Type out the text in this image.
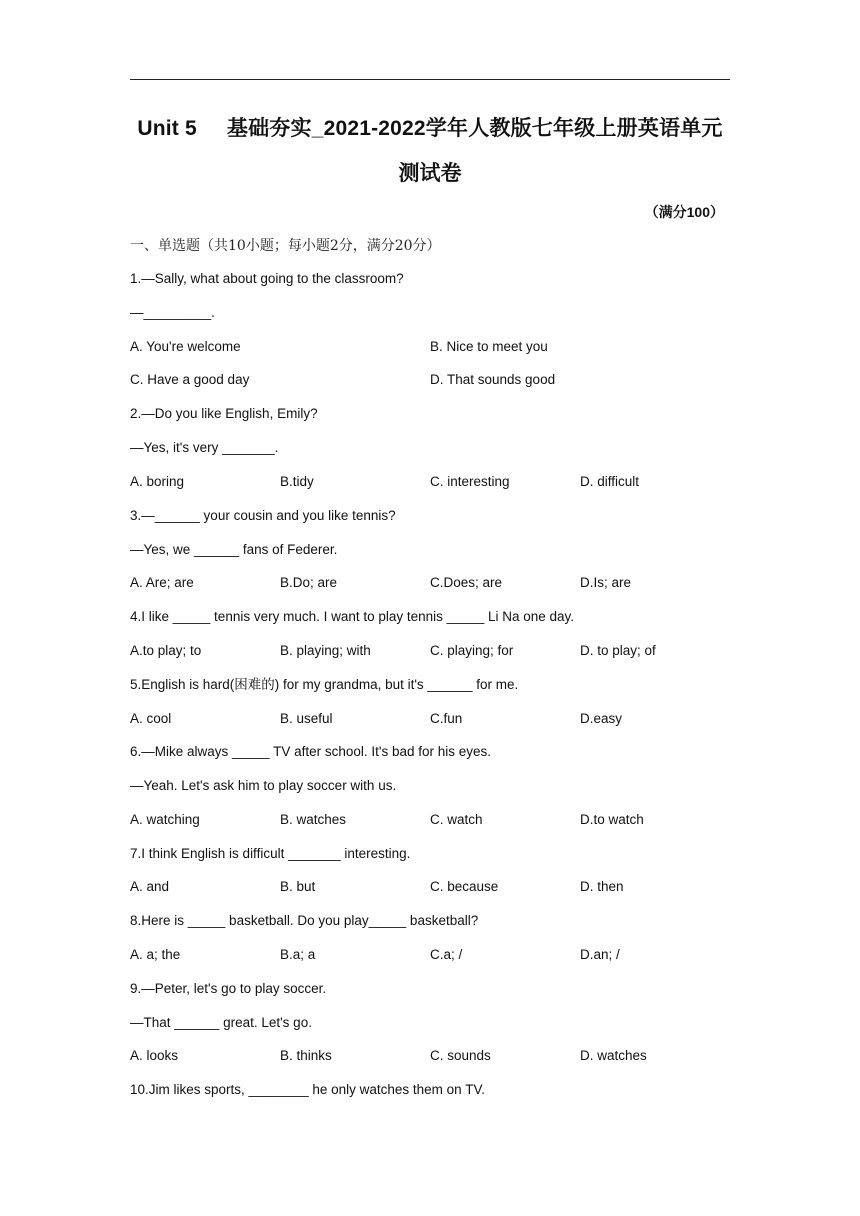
Unit 5 基础夯实_2021-2022学年人教版七年级上册英语单元
测试卷
（满分100）
一、单选题（共10小题；每小题2分，满分20分）
1.—Sally, what about going to the classroom?
—_________.
A. You're welcome	B. Nice to meet you
C. Have a good day	D. That sounds good
2.—Do you like English, Emily?
—Yes, it's very _______.
A. boring	B.tidy	C. interesting	D. difficult
3.—______ your cousin and you like tennis?
—Yes, we ______ fans of Federer.
A. Are; are	B.Do; are	C.Does; are	D.Is; are
4.I like _____ tennis very much. I want to play tennis _____ Li Na one day.
A.to play; to	B. playing; with	C. playing; for	D. to play; of
5.English is hard(困难的) for my grandma, but it's ______ for me.
A. cool	B. useful	C.fun	D.easy
6.—Mike always _____ TV after school. It's bad for his eyes.
—Yeah. Let's ask him to play soccer with us.
A. watching	B. watches	C. watch	D.to watch
7.I think English is difficult _______ interesting.
A. and	B. but	C. because	D. then
8.Here is _____ basketball. Do you play_____ basketball?
A. a; the	B.a; a	C.a; /	D.an; /
9.—Peter, let's go to play soccer.
—That ______ great. Let's go.
A. looks	B. thinks	C. sounds	D. watches
10.Jim likes sports, ________ he only watches them on TV.
